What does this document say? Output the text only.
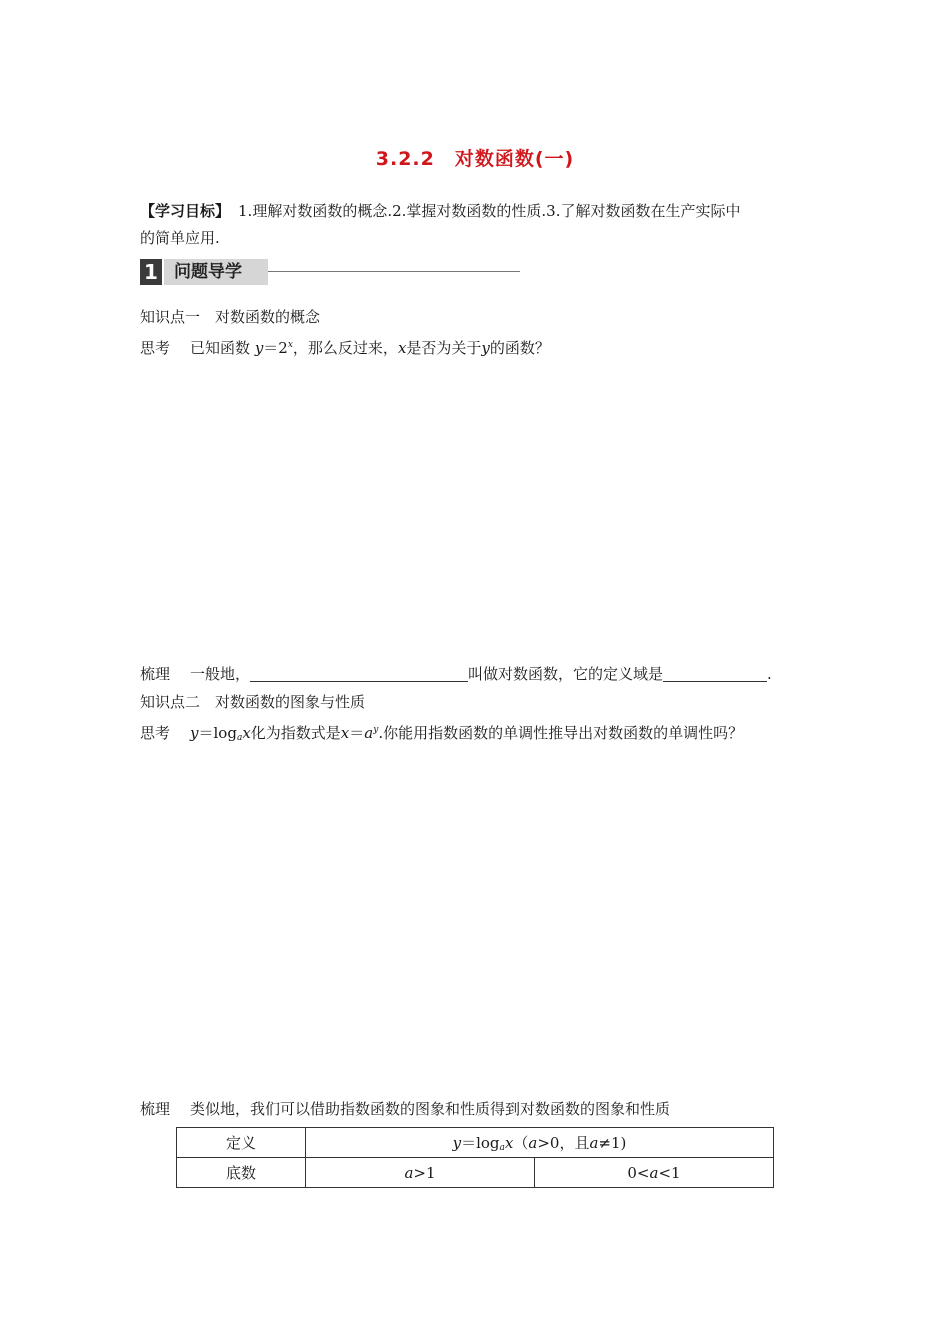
3.2.2　对数函数(一)
【学习目标】 1.理解对数函数的概念.2.掌握对数函数的性质.3.了解对数函数在生产实际中
的简单应用.
1 问题导学
知识点一　对数函数的概念
思考 已知函数 $y=2^x$，那么反过来，x是否为关于y的函数？
梳理 一般地，	叫做对数函数，它的定义域是	.
知识点二　对数函数的图象与性质
思考 $y=\log_ax$化为指数式是$x=a^y$.你能用指数函数的单调性推导出对数函数的单调性吗？
梳理 类似地，我们可以借助指数函数的图象和性质得到对数函数的图象和性质
定义	$y=\log_ax(a>0$，且a≠1)	
底数	a>1	0<a<1
